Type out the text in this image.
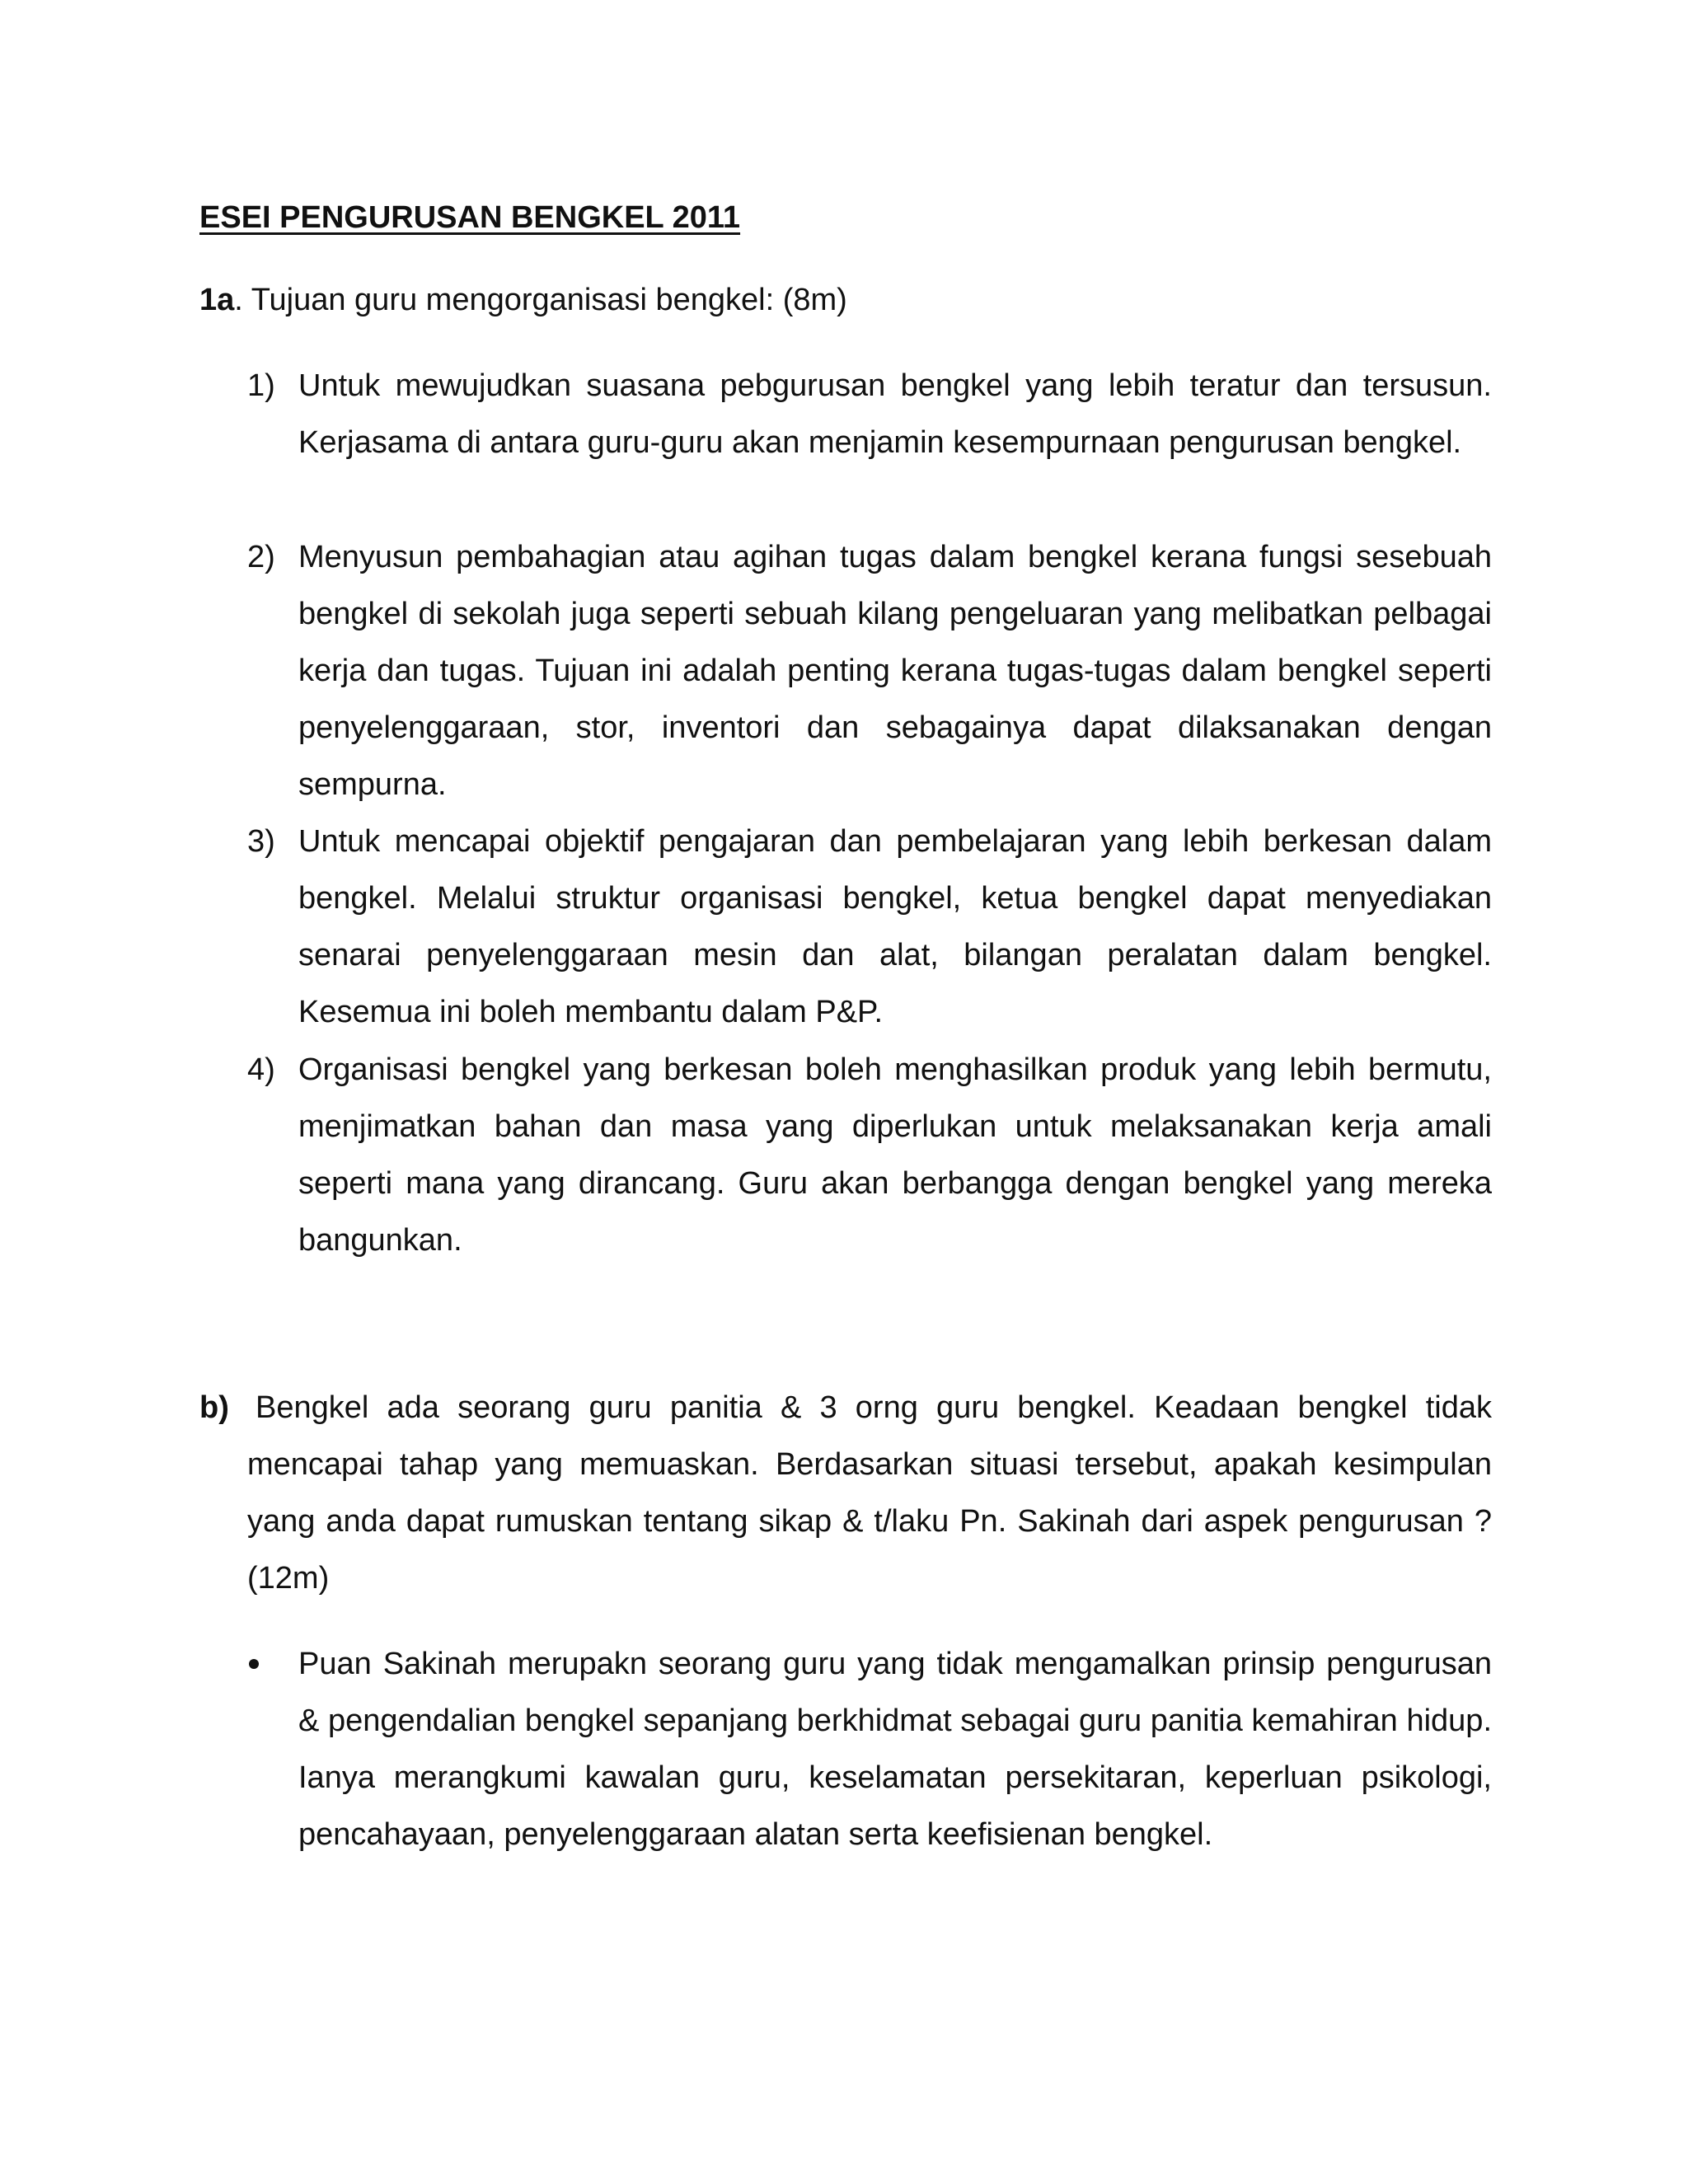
ESEI PENGURUSAN BENGKEL 2011
1a. Tujuan guru mengorganisasi bengkel: (8m)
1) Untuk mewujudkan suasana pebgurusan bengkel yang lebih teratur dan tersusun. Kerjasama di antara guru-guru akan menjamin kesempurnaan pengurusan bengkel.
2) Menyusun pembahagian atau agihan tugas dalam bengkel kerana fungsi sesebuah bengkel di sekolah juga seperti sebuah kilang pengeluaran yang melibatkan pelbagai kerja dan tugas. Tujuan ini adalah penting kerana tugas-tugas dalam bengkel seperti penyelenggaraan, stor, inventori dan sebagainya dapat dilaksanakan dengan sempurna.
3) Untuk mencapai objektif pengajaran dan pembelajaran yang lebih berkesan dalam bengkel. Melalui struktur organisasi bengkel, ketua bengkel dapat menyediakan senarai penyelenggaraan mesin dan alat, bilangan peralatan dalam bengkel. Kesemua ini boleh membantu dalam P&P.
4) Organisasi bengkel yang berkesan boleh menghasilkan produk yang lebih bermutu, menjimatkan bahan dan masa yang diperlukan untuk melaksanakan kerja amali seperti mana yang dirancang. Guru akan berbangga dengan bengkel yang mereka bangunkan.
b) Bengkel ada seorang guru panitia & 3 orng guru bengkel. Keadaan bengkel tidak mencapai tahap yang memuaskan. Berdasarkan situasi tersebut, apakah kesimpulan yang anda dapat rumuskan tentang sikap & t/laku Pn. Sakinah dari aspek pengurusan ? (12m)
Puan Sakinah merupakn seorang guru yang tidak mengamalkan prinsip pengurusan & pengendalian bengkel sepanjang berkhidmat sebagai guru panitia kemahiran hidup. Ianya merangkumi kawalan guru, keselamatan persekitaran, keperluan psikologi, pencahayaan, penyelenggaraan alatan serta keefisienan bengkel.
